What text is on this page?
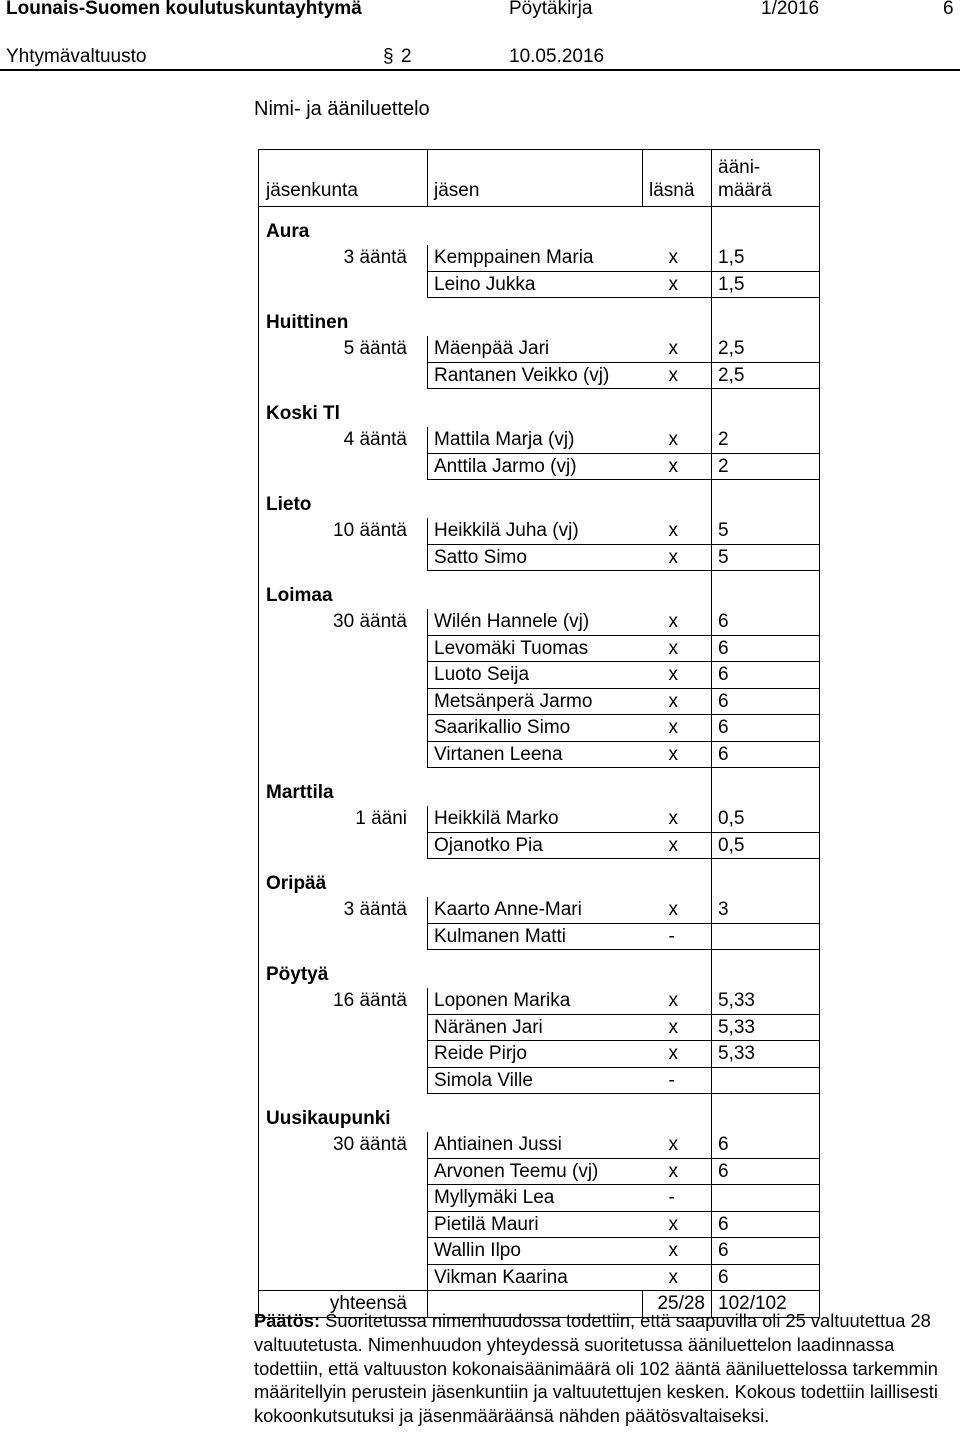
Lounais-Suomen koulutuskuntayhtymä	Pöytäkirja	1/2016	6
Yhtymävaltuusto	§ 2	10.05.2016
Nimi- ja ääniluettelo
jäsenkunta	jäsen	läsnä	ääni-
määrä
Aura			
3 ääntä	Kemppainen Maria	x	1,5
	Leino Jukka	x	1,5
Huittinen			
5 ääntä	Mäenpää Jari	x	2,5
	Rantanen Veikko (vj)	x	2,5
Koski Tl			
4 ääntä	Mattila Marja (vj)	x	2
	Anttila Jarmo (vj)	x	2
Lieto			
10 ääntä	Heikkilä Juha (vj)	x	5
	Satto Simo	x	5
Loimaa			
30 ääntä	Wilén Hannele (vj)	x	6
	Levomäki Tuomas	x	6
	Luoto Seija	x	6
	Metsänperä Jarmo	x	6
	Saarikallio Simo	x	6
	Virtanen Leena	x	6
Marttila			
1 ääni	Heikkilä Marko	x	0,5
	Ojanotko Pia	x	0,5
Oripää			
3 ääntä	Kaarto Anne-Mari	x	3
	Kulmanen Matti	-	
Pöytyä			
16 ääntä	Loponen Marika	x	5,33
	Näränen Jari	x	5,33
	Reide Pirjo	x	5,33
	Simola Ville	-	
Uusikaupunki			
30 ääntä	Ahtiainen Jussi	x	6
	Arvonen Teemu (vj)	x	6
	Myllymäki Lea	-	
	Pietilä Mauri	x	6
	Wallin Ilpo	x	6
	Vikman Kaarina	x	6
yhteensä		25/28	102/102
Päätös: Suoritetussa nimenhuudossa todettiin, että saapuvilla oli 25 valtuutettua 28 valtuutetusta. Nimenhuudon yhteydessä suoritetussa ääniluettelon laadinnassa todettiin, että valtuuston kokonaisäänimäärä oli 102 ääntä ääniluettelossa tarkemmin määritellyin perustein jäsenkuntiin ja valtuutettujen kesken. Kokous todettiin laillisesti kokoonkutsutuksi ja jäsenmääräänsä nähden päätösvaltaiseksi.
